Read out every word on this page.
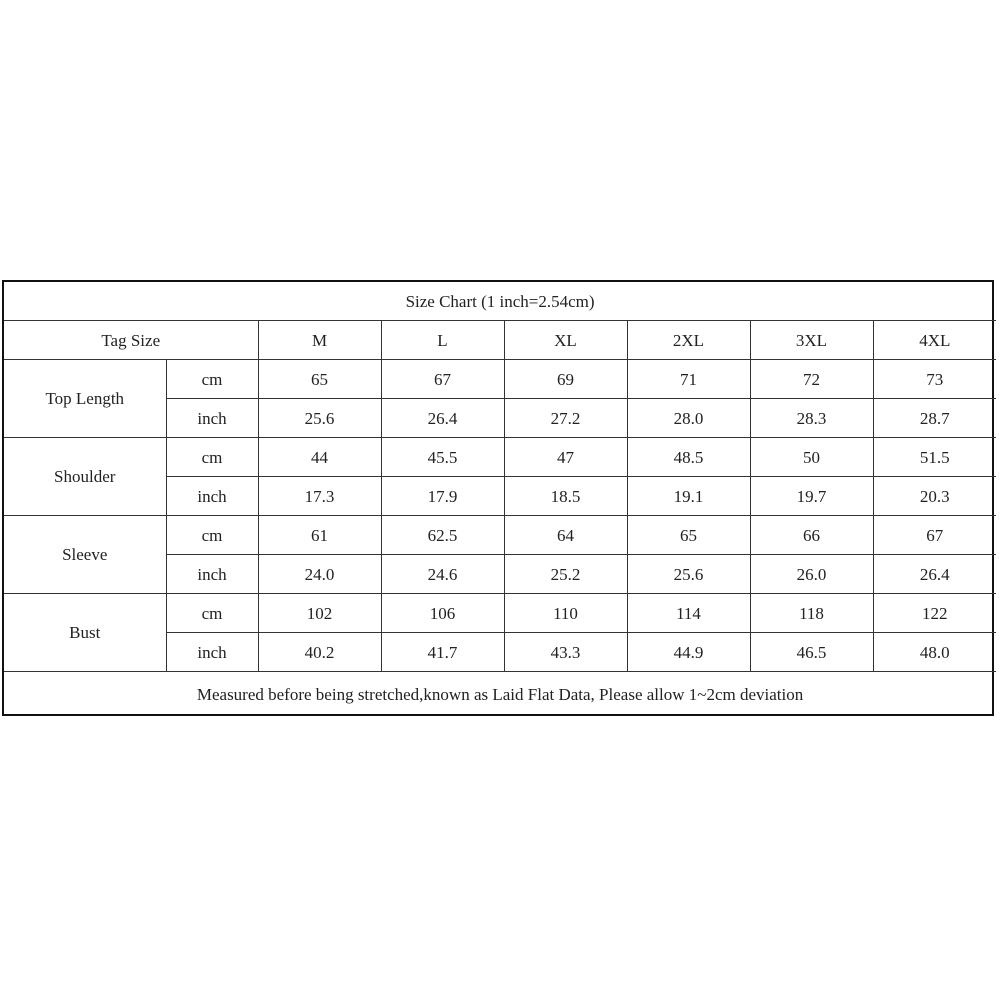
Size Chart (1 inch=2.54cm)							
Tag Size		M	L	XL	2XL	3XL	4XL
Top Length	cm	65	67	69	71	72	73
	inch	25.6	26.4	27.2	28.0	28.3	28.7
Shoulder	cm	44	45.5	47	48.5	50	51.5
	inch	17.3	17.9	18.5	19.1	19.7	20.3
Sleeve	cm	61	62.5	64	65	66	67
	inch	24.0	24.6	25.2	25.6	26.0	26.4
Bust	cm	102	106	110	114	118	122
	inch	40.2	41.7	43.3	44.9	46.5	48.0
Measured before being stretched,known as Laid Flat Data, Please allow 1~2cm deviation							
